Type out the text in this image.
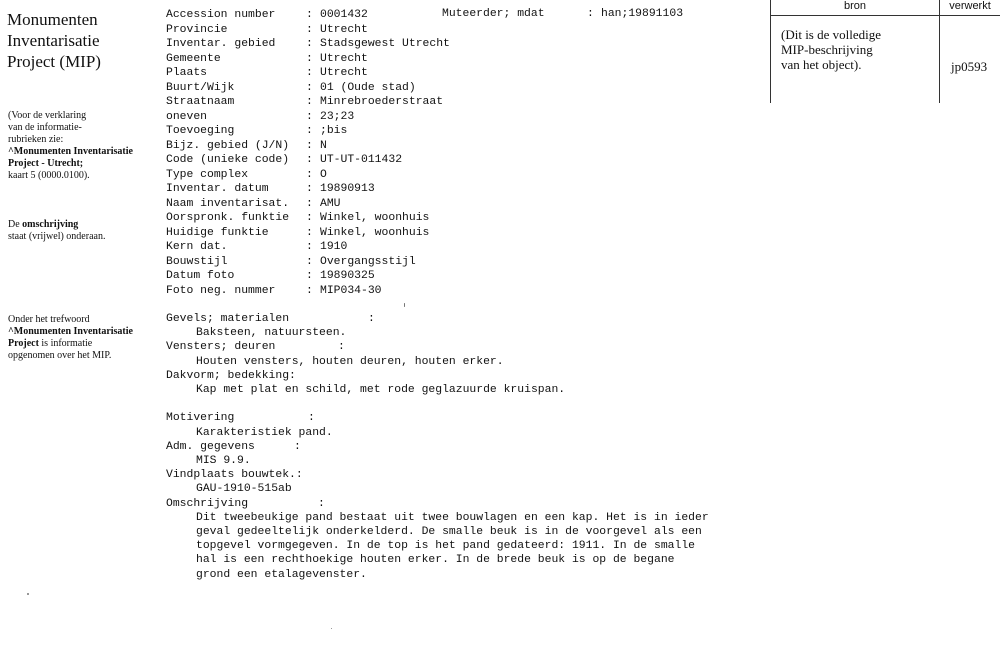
Monumenten
Inventarisatie
Project (MIP)
(Voor de verklaring
van de informatie-
rubrieken zie:
^Monumenten Inventarisatie
Project - Utrecht;
kaart 5 (0000.0100).
De omschrijving
staat (vrijwel) onderaan.
Onder het trefwoord
^Monumenten Inventarisatie
Project is informatie
opgenomen over het MIP.
Accession number	: 0001432
Provincie	: Utrecht
Inventar. gebied	: Stadsgewest Utrecht
Gemeente	: Utrecht
Plaats	: Utrecht
Buurt/Wijk	: 01 (Oude stad)
Straatnaam	: Minrebroederstraat
oneven	: 23;23
Toevoeging	: ;bis
Bijz. gebied (J/N) : N
Code (unieke code) : UT-UT-011432
Type complex	: O
Inventar. datum	: 19890913
Naam inventarisat. : AMU
Oorspronk. funktie : Winkel, woonhuis
Huidige funktie	: Winkel, woonhuis
Kern dat.	: 1910
Bouwstijl	: Overgangsstijl
Datum foto	: 19890325
Foto neg. nummer	: MIP034-30
Muteerder; mdat	: han;19891103
Gevels; materialen	:
Baksteen, natuursteen.
Vensters; deuren	:
Houten vensters, houten deuren, houten erker.
Dakvorm; bedekking:
Kap met plat en schild, met rode geglazuurde kruispan.
Motivering	:
Karakteristiek pand.
Adm. gegevens	:
MIS 9.9.
Vindplaats bouwtek.:
GAU-1910-515ab
Omschrijving	:
Dit tweebeukige pand bestaat uit twee bouwlagen en een kap. Het is in ieder
geval gedeeltelijk onderkelderd. De smalle beuk is in de voorgevel als een
topgevel vormgegeven. In de top is het pand gedateerd: 1911. In de smalle
hal is een rechthoekige houten erker. In de brede beuk is op de begane
grond een etalagevenster.
bron	verwerkt
(Dit is de volledige
MIP-beschrijving
van het object).	jp0593
